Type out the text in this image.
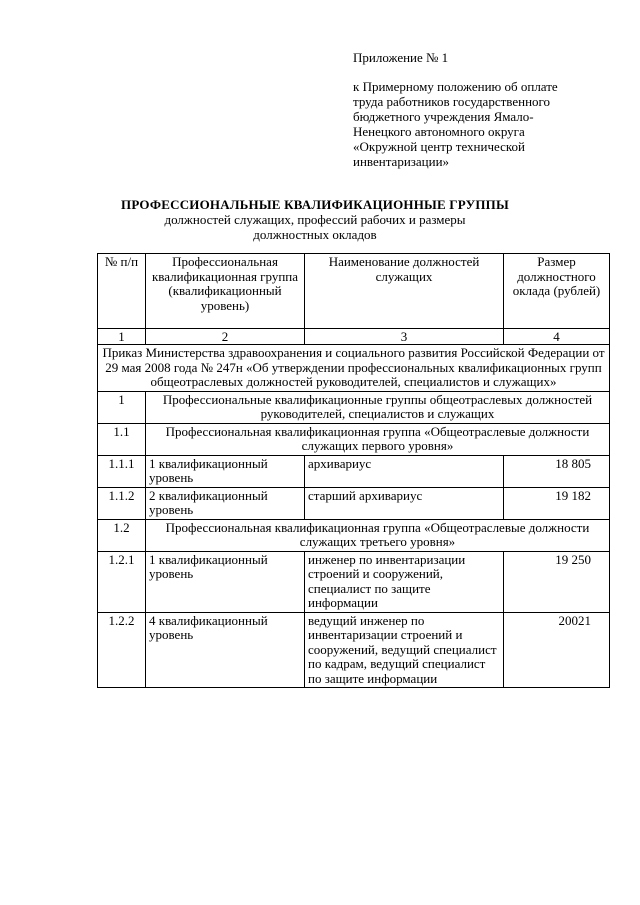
Приложение № 1
к Примерному положению об оплате
труда работников государственного
бюджетного учреждения Ямало-
Ненецкого автономного округа
«Окружной центр технической
инвентаризации»
ПРОФЕССИОНАЛЬНЫЕ КВАЛИФИКАЦИОННЫЕ ГРУППЫ
должностей служащих, профессий рабочих и размеры
должностных окладов
№ п/п	Профессиональная квалификационная группа (квалификационный уровень)	Наименование должностей служащих	Размер должностного оклада (рублей)
1	2	3	4
Приказ Министерства здравоохранения и социального развития Российской Федерации от 29 мая 2008 года № 247н «Об утверждении профессиональных квалификационных групп общеотраслевых должностей руководителей, специалистов и служащих»			
1	Профессиональные квалификационные группы общеотраслевых должностей руководителей, специалистов и служащих		
1.1	Профессиональная квалификационная группа «Общеотраслевые должности служащих первого уровня»		
1.1.1	1 квалификационный уровень	архивариус	18 805
1.1.2	2 квалификационный уровень	старший архивариус	19 182
1.2	Профессиональная квалификационная группа «Общеотраслевые должности служащих третьего уровня»		
1.2.1	1 квалификационный уровень	инженер по инвентаризации строений и сооружений, специалист по защите информации	19 250
1.2.2	4 квалификационный уровень	ведущий инженер по инвентаризации строений и сооружений, ведущий специалист по кадрам, ведущий специалист по защите информации	20021
